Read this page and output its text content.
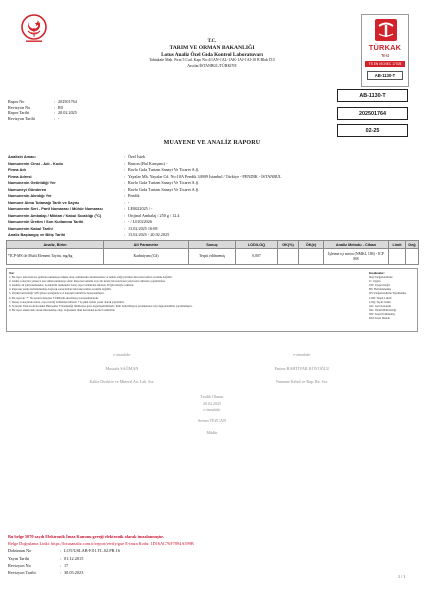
T.C.
TARIM VE ORMAN BAKANLIĞI
Lotus Analiz Özel Gıda Kontrol Laboratuvarı
Tahtakale Mah. Fırat 5 Cad. Kapı No:4/1AN-1AL-1AK-1AJ-1AI-10 B Blok D:5
Avcılar/İSTANBUL/TÜRKİYE
TÜRKAK
Test
TS EN ISO/IEC 17025
AB-1130-T
AB-1130-T
202501764
02-25
Rapor No	: 202501764
Revizyon No	: R0
Rapor Tarihi	: 20.02.2025
Revizyon Tarihi	: -
MUAYENE VE ANALİZ RAPORU
Analizin Amacı	: Özel İstek
Numunenin Cinsi - Adı - Kodu	: Baston (Bal Karışımı) -
Firma Adı	: Ravlo Gıda Turizm Sanayi Ve Ticaret A.Ş.
Firma Adresi	: Yayalar Mh. Yayalar Cd. No:10A Pendik 34909 İstanbul / Türkiye - PENDİK - İSTANBUL
Numunenin Getirildiği Yer	: Ravlo Gıda Turizm Sanayi Ve Ticaret A.Ş.
Numuneyi Gönderen	: Ravlo Gıda Turizm Sanayi Ve Ticaret A.Ş.
Numunenin Alındığı Yer	: Pendik
Numune Alma Tutanağı Tarih ve Sayısı	: -
Numunenin Seri - Parti Numarası / Mühür Numarası	: LE0022025 / -
Numunenin Ambalajı / Miktarı / Kabul Sıcaklığı (°C)	: Orijinal Ambalaj / 250 g / 12.4
Numunenin Üretim / Son Kullanma Tarihi	: - / L01022026
Numunenin Kabul Tarihi	: 13.02.2025 16:08
Analiz Başlangıç ve Bitiş Tarihi	: 13.02.2025 - 20.02.2025
Analiz, Birim	Alt Parametre	Sonuç	LOD/LOQ	GK(%)	ÖK(±)	Analiz Metodu - Cihazı	Limit	Değ
*ICP-MS ile Multi Element Tayini, mg/kg	Kadmiyum (Cd)	Tespit edilmemiş	0,007			İşletme içi metot (NMKL 186) - ICP MS		
Not:
1. Bu rapor laboratuvara getirilen numuneye ilişkin olup, numunenin alınmasından ve temsil ettiği partiden laboratuvarımız sorumlu değildir.
2. Analiz sonuçları yalnızca test edilen numuneye aittir. Raporun tamamı veya bir kısmı laboratuvarın yazılı izni olmadan çoğaltılamaz.
3. Analize ait şahit numuneler, bozulabilir numuneler hariç rapor tarihinden itibaren 30 gün süreyle saklanır.
4. Raporun yanlış kullanımından doğacak sonuçlardan laboratuvarımız sorumlu değildir.
5. Ölçüm belirsizliği %95 güven aralığında k=2 kapsam faktörü ile hesaplanmıştır.
6. Bu raporda "*" ile işaretli deneyler TÜRKAK akreditasyon kapsamındadır.
7. Deney sonuçlarına itiraz, rapor tebliğ tarihinden itibaren 7 iş günü içinde yazılı olarak yapılabilir.
8. Sonuçlar Türk Gıda Kodeksi Bulaşanlar Yönetmeliği limitlerine göre değerlendirilmiştir; limit belirtilmeyen parametreler için değerlendirme yapılmamıştır.
9. Bu rapor elektronik olarak imzalanmış olup, doğrulama linki üzerinden kontrol edilebilir.
Kısaltmalar:
Değ: Değerlendirme
U: Uygun
UD: Uygun Değil
BS: Belirlenmemiş
DY: Değerlendirme Yapılmamış
LOD: Tespit Limiti
LOQ: Tayin Limiti
GK: Geri Kazanım
ÖK: Ölçüm Belirsizliği
ND: Tespit Edilmemiş
KM: Kuru Madde
e-imzalıdır
Mustafa SAĞMAN
Kalite Direktör ve Mineral An. Lab. Sor.
e-imzalıdır
Emine BAHTİYAR KÖYOĞLU
Numune Kabul ve Rap. Bir. Sor.
Tasdik Olunur
20.02.2025
e-imzalıdır
Sevim TEZCAN
Müdür
Bu belge 5070 sayılı Elektronik İmza Kanunu gereği elektronik olarak imzalanmıştır.
Belge Doğrulama Linki: https://lotusanaliz.com.tr/report/verify/gue E-imza Kodu: 1D16AC76F7894A399B
Doküman No	: LOT/USLAB-F.01.TL.02.PR.16
Yayın Tarihi	: 01.12.2015
Revizyon No	: 17
Revizyon Tarihi	: 30.05.2023
1 / 1
